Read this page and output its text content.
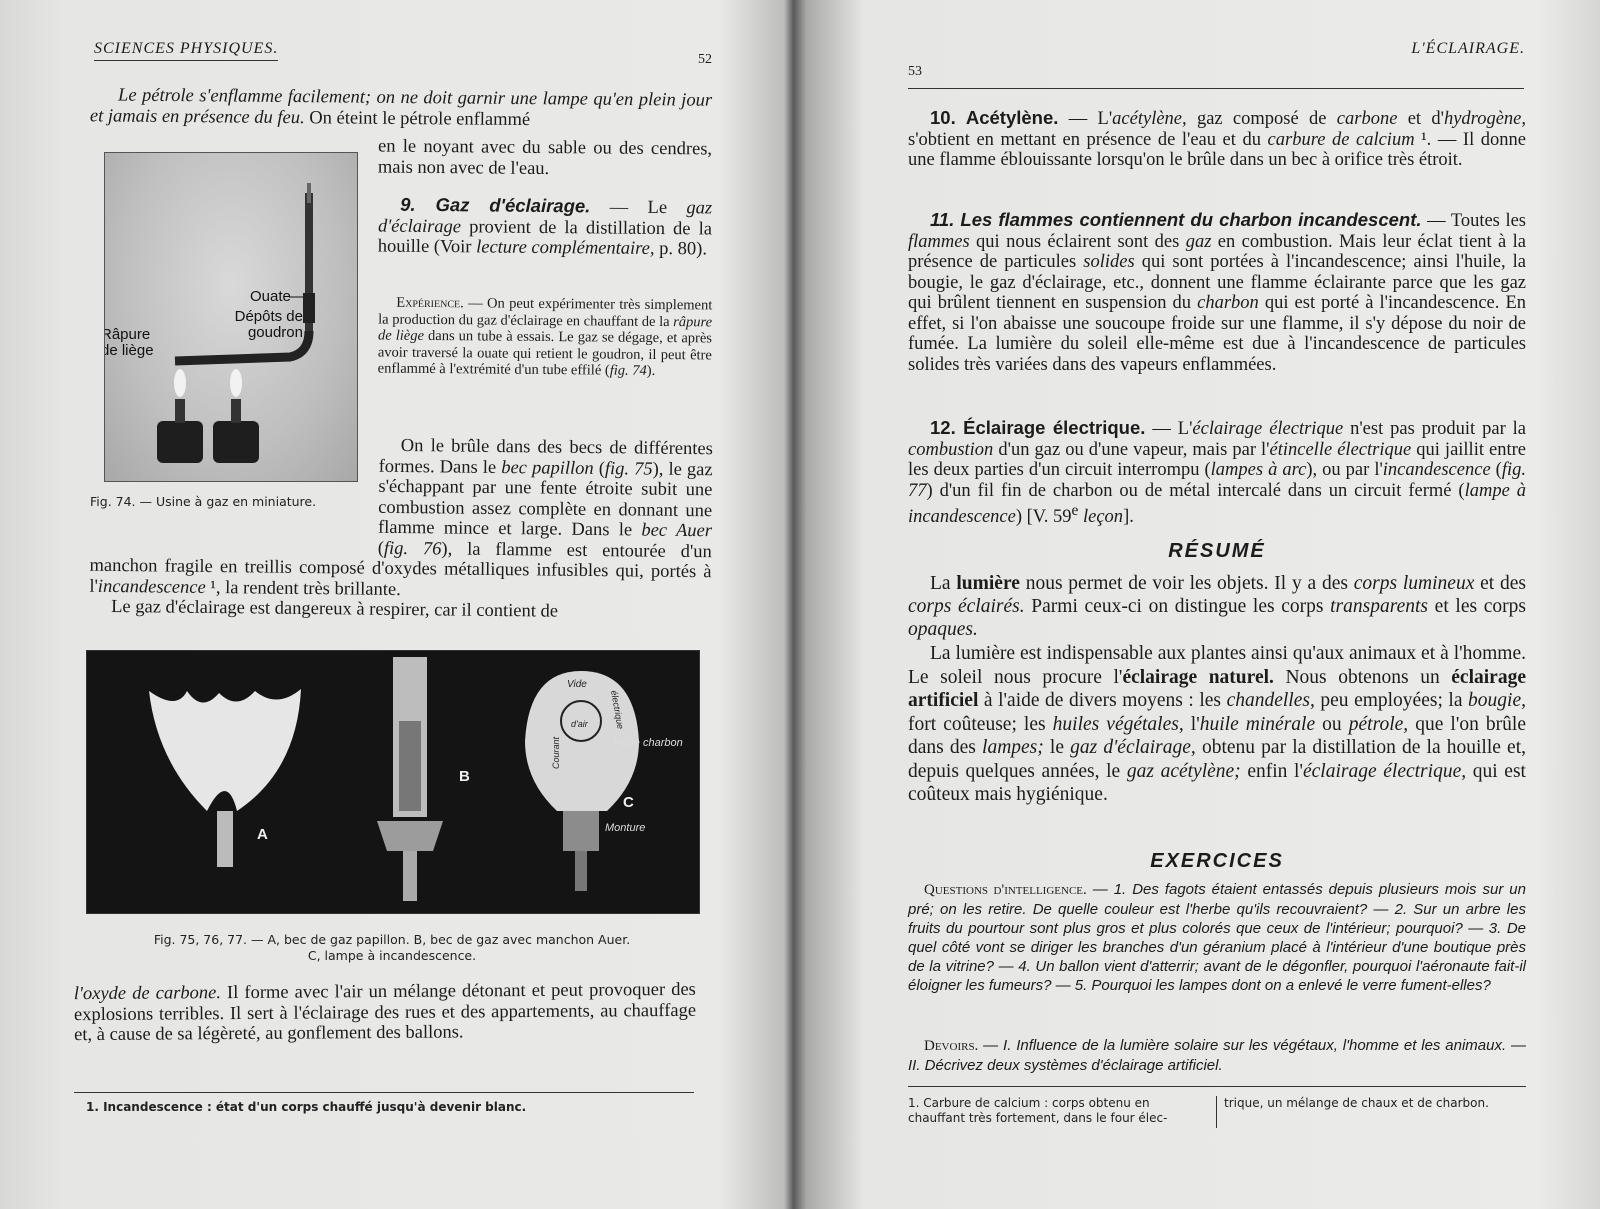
SCIENCES PHYSIQUES.
52
Le pétrole s'enflamme facilement; on ne doit garnir une lampe qu'en plein jour et jamais en présence du feu. On éteint le pétrole enflammé
en le noyant avec du sable ou des cendres, mais non avec de l'eau.
Ouate
Dépôts de goudron
Râpure de liège
Fig. 74. — Usine à gaz en miniature.
9. Gaz d'éclairage. — Le gaz d'éclairage provient de la distillation de la houille (Voir lecture complémentaire, p. 80).
Expérience. — On peut expérimenter très simplement la production du gaz d'éclairage en chauffant de la râpure de liège dans un tube à essais. Le gaz se dégage, et après avoir traversé la ouate qui retient le goudron, il peut être enflammé à l'extrémité d'un tube effilé (fig. 74).
On le brûle dans des becs de différentes formes. Dans le bec papillon (fig. 75), le gaz s'échappant par une fente étroite subit une combustion assez complète en donnant une flamme mince et large. Dans le bec Auer (fig. 76), la flamme est entourée d'un manchon fragile en treillis composé d'oxydes métalliques infusibles qui, portés à l'incandescence ¹, la rendent très brillante.
Le gaz d'éclairage est dangereux à respirer, car il contient de
A
B
Vide
Courant
électrique
d'air
Fil de charbon
C
Monture
Fig. 75, 76, 77. — A, bec de gaz papillon. B, bec de gaz avec manchon Auer.
C, lampe à incandescence.
l'oxyde de carbone. Il forme avec l'air un mélange détonant et peut provoquer des explosions terribles. Il sert à l'éclairage des rues et des appartements, au chauffage et, à cause de sa légèreté, au gonflement des ballons.
1. Incandescence : état d'un corps chauffé jusqu'à devenir blanc.
53
L'ÉCLAIRAGE.
10. Acétylène. — L'acétylène, gaz composé de carbone et d'hydrogène, s'obtient en mettant en présence de l'eau et du carbure de calcium ¹. — Il donne une flamme éblouissante lorsqu'on le brûle dans un bec à orifice très étroit.
11. Les flammes contiennent du charbon incandescent. — Toutes les flammes qui nous éclairent sont des gaz en combustion. Mais leur éclat tient à la présence de particules solides qui sont portées à l'incandescence; ainsi l'huile, la bougie, le gaz d'éclairage, etc., donnent une flamme éclairante parce que les gaz qui brûlent tiennent en suspension du charbon qui est porté à l'incandescence. En effet, si l'on abaisse une soucoupe froide sur une flamme, il s'y dépose du noir de fumée. La lumière du soleil elle-même est due à l'incandescence de particules solides très variées dans des vapeurs enflammées.
12. Éclairage électrique. — L'éclairage électrique n'est pas produit par la combustion d'un gaz ou d'une vapeur, mais par l'étincelle électrique qui jaillit entre les deux parties d'un circuit interrompu (lampes à arc), ou par l'incandescence (fig. 77) d'un fil fin de charbon ou de métal intercalé dans un circuit fermé (lampe à incandescence) [V. 59e leçon].
RÉSUMÉ
La lumière nous permet de voir les objets. Il y a des corps lumineux et des corps éclairés. Parmi ceux-ci on distingue les corps transparents et les corps opaques.
La lumière est indispensable aux plantes ainsi qu'aux animaux et à l'homme. Le soleil nous procure l'éclairage naturel. Nous obtenons un éclairage artificiel à l'aide de divers moyens : les chandelles, peu employées; la bougie, fort coûteuse; les huiles végétales, l'huile minérale ou pétrole, que l'on brûle dans des lampes; le gaz d'éclairage, obtenu par la distillation de la houille et, depuis quelques années, le gaz acétylène; enfin l'éclairage électrique, qui est coûteux mais hygiénique.
EXERCICES
Questions d'intelligence. — 1. Des fagots étaient entassés depuis plusieurs mois sur un pré; on les retire. De quelle couleur est l'herbe qu'ils recouvraient? — 2. Sur un arbre les fruits du pourtour sont plus gros et plus colorés que ceux de l'intérieur; pourquoi? — 3. De quel côté vont se diriger les branches d'un géranium placé à l'intérieur d'une boutique près de la vitrine? — 4. Un ballon vient d'atterrir; avant de le dégonfler, pourquoi l'aéronaute fait-il éloigner les fumeurs? — 5. Pourquoi les lampes dont on a enlevé le verre fument-elles?
Devoirs. — I. Influence de la lumière solaire sur les végétaux, l'homme et les animaux. — II. Décrivez deux systèmes d'éclairage artificiel.
1. Carbure de calcium : corps obtenu en chauffant très fortement, dans le four élec-
trique, un mélange de chaux et de charbon.
